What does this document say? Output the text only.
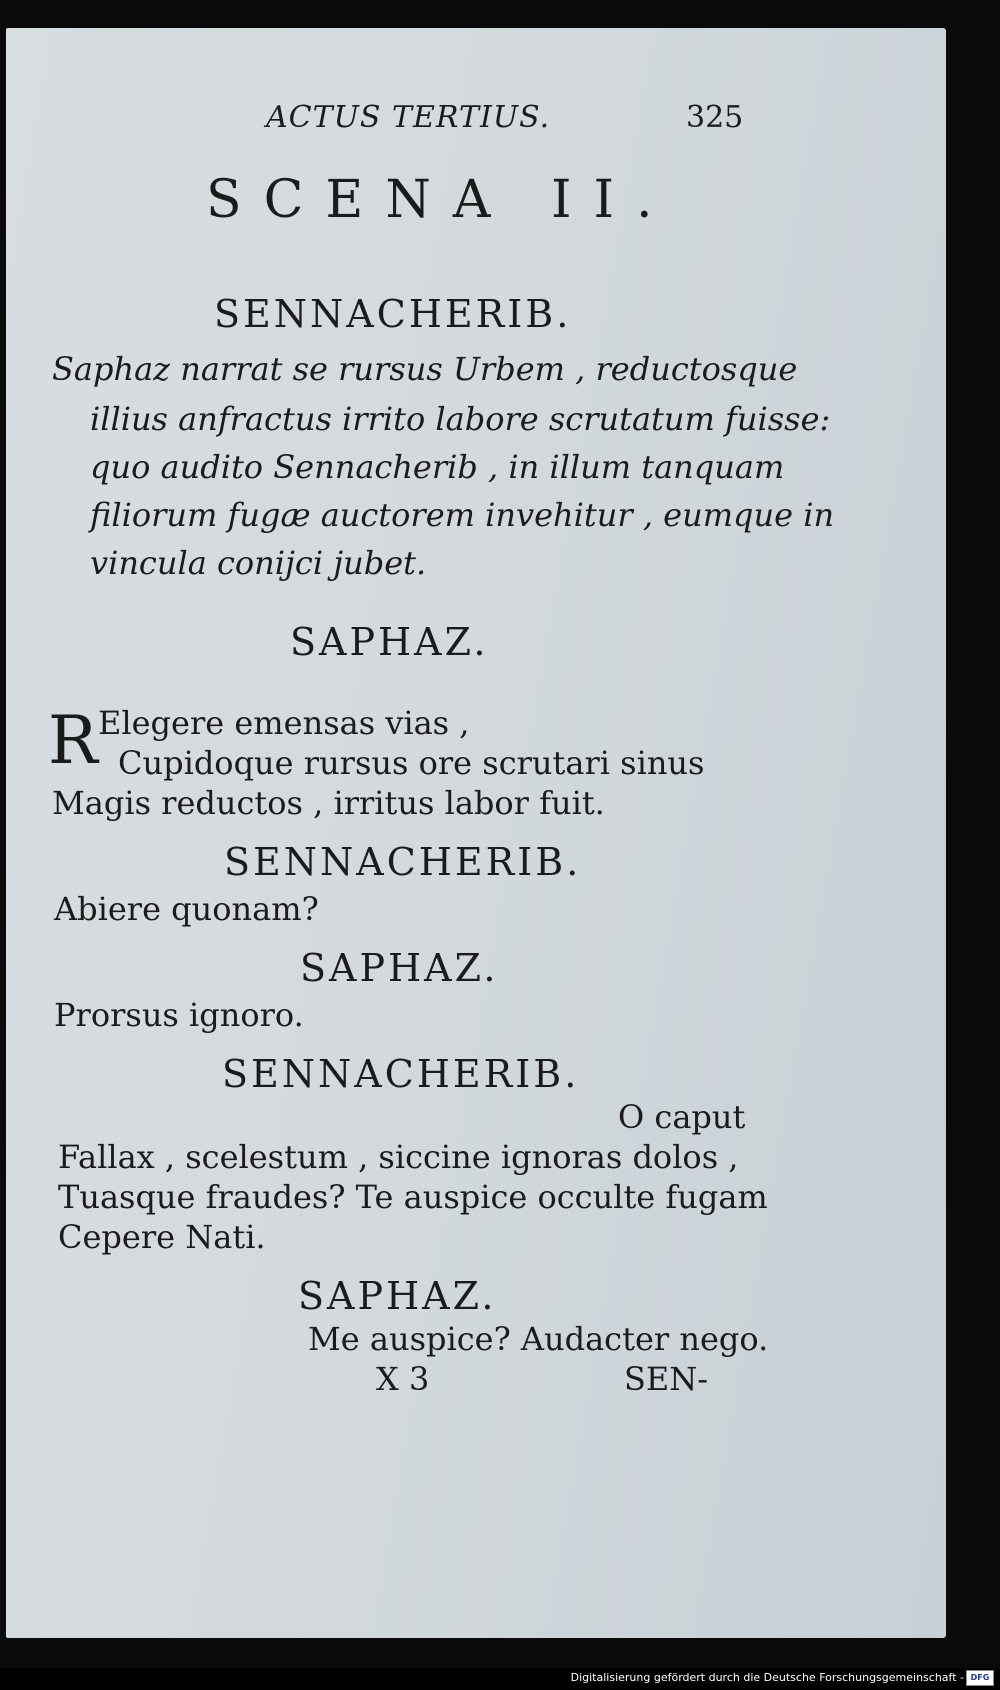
ACTUS TERTIUS.	325
SCENA II.
SENNACHERIB.
Saphaz narrat se rursus Urbem , reductosque
illius anfractus irrito labore scrutatum fuisse:
quo audito Sennacherib , in illum tanquam
filiorum fugæ auctorem invehitur , eumque in
vincula conijci jubet.
SAPHAZ.
R Elegere emensas vias ,
Cupidoque rursus ore scrutari sinus
Magis reductos , irritus labor fuit.
SENNACHERIB.
Abiere quonam?
SAPHAZ.
Prorsus ignoro.
SENNACHERIB.
O caput
Fallax , scelestum , siccine ignoras dolos ,
Tuasque fraudes? Te auspice occulte fugam
Cepere Nati.
SAPHAZ.
Me auspice? Audacter nego.
X 3	SEN-
Digitalisierung gefördert durch die Deutsche Forschungsgemeinschaft - DFG
